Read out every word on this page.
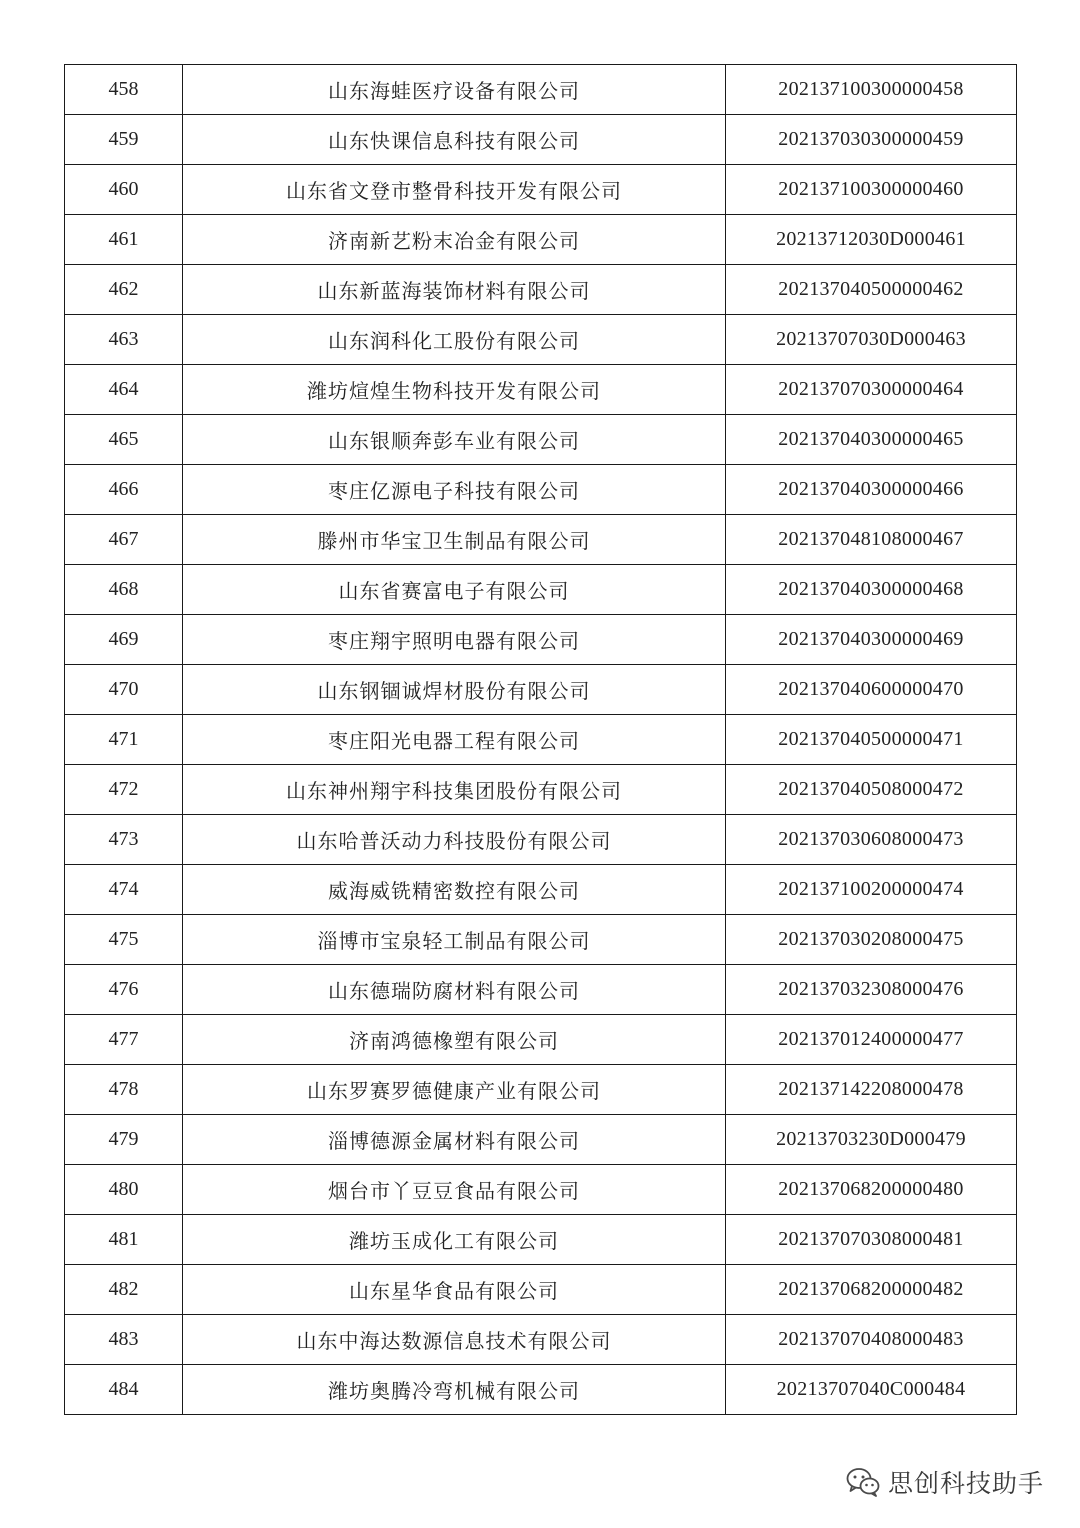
458	山东海蛙医疗设备有限公司	202137100300000458
459	山东快课信息科技有限公司	202137030300000459
460	山东省文登市整骨科技开发有限公司	202137100300000460
461	济南新艺粉末冶金有限公司	20213712030D000461
462	山东新蓝海装饰材料有限公司	202137040500000462
463	山东润科化工股份有限公司	20213707030D000463
464	潍坊煊煌生物科技开发有限公司	202137070300000464
465	山东银顺奔彭车业有限公司	202137040300000465
466	枣庄亿源电子科技有限公司	202137040300000466
467	滕州市华宝卫生制品有限公司	202137048108000467
468	山东省赛富电子有限公司	202137040300000468
469	枣庄翔宇照明电器有限公司	202137040300000469
470	山东钢锢诚焊材股份有限公司	202137040600000470
471	枣庄阳光电器工程有限公司	202137040500000471
472	山东神州翔宇科技集团股份有限公司	202137040508000472
473	山东哈普沃动力科技股份有限公司	202137030608000473
474	威海威铣精密数控有限公司	202137100200000474
475	淄博市宝泉轻工制品有限公司	202137030208000475
476	山东德瑞防腐材料有限公司	202137032308000476
477	济南鸿德橡塑有限公司	202137012400000477
478	山东罗赛罗德健康产业有限公司	202137142208000478
479	淄博德源金属材料有限公司	20213703230D000479
480	烟台市丫豆豆食品有限公司	202137068200000480
481	潍坊玉成化工有限公司	202137070308000481
482	山东星华食品有限公司	202137068200000482
483	山东中海达数源信息技术有限公司	202137070408000483
484	潍坊奥腾冷弯机械有限公司	20213707040C000484
思创科技助手
